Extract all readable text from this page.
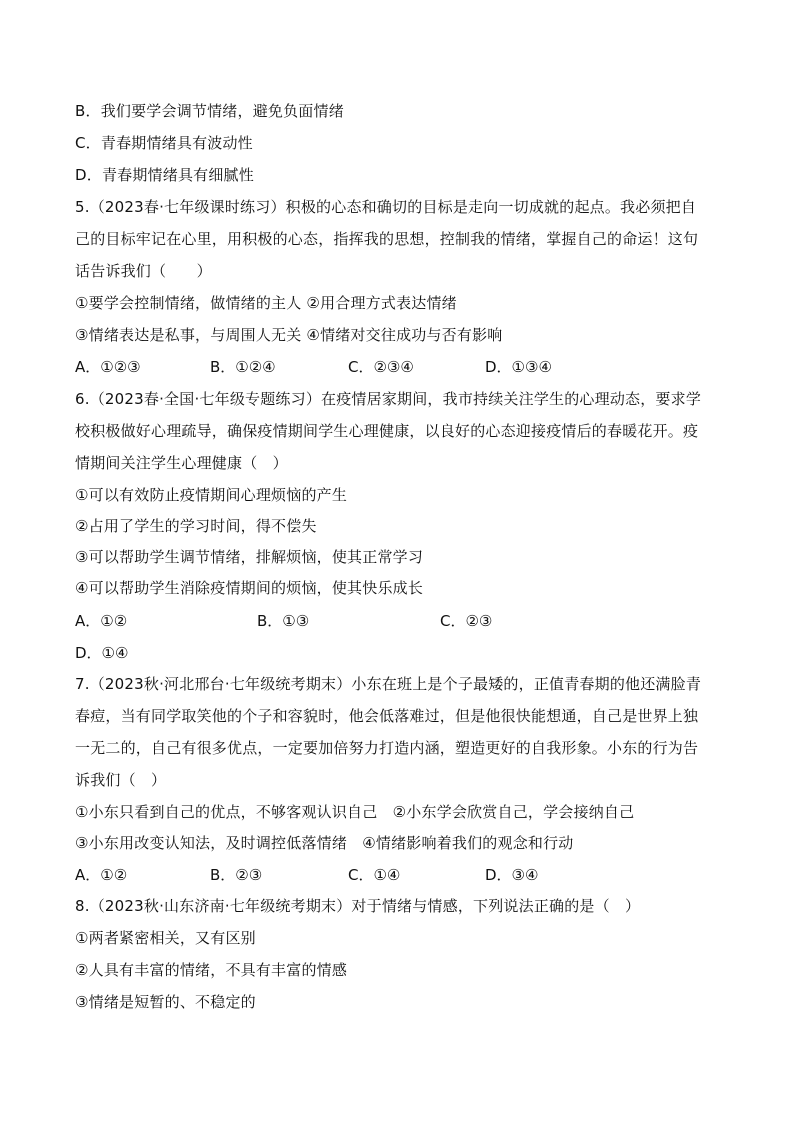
B．我们要学会调节情绪，避免负面情绪
C．青春期情绪具有波动性
D．青春期情绪具有细腻性
5.（2023春·七年级课时练习）积极的心态和确切的目标是走向一切成就的起点。我必须把自
己的目标牢记在心里，用积极的心态，指挥我的思想，控制我的情绪，掌握自己的命运！这句
话告诉我们（　　）
①要学会控制情绪，做情绪的主人 ②用合理方式表达情绪
③情绪表达是私事，与周围人无关 ④情绪对交往成功与否有影响
A．①②③	B．①②④	C．②③④	D．①③④
6.（2023春·全国·七年级专题练习）在疫情居家期间，我市持续关注学生的心理动态，要求学
校积极做好心理疏导，确保疫情期间学生心理健康，以良好的心态迎接疫情后的春暖花开。疫
情期间关注学生心理健康（　）
①可以有效防止疫情期间心理烦恼的产生
②占用了学生的学习时间，得不偿失
③可以帮助学生调节情绪，排解烦恼，使其正常学习
④可以帮助学生消除疫情期间的烦恼，使其快乐成长
A．①②	B．①③	C．②③
D．①④
7.（2023秋·河北邢台·七年级统考期末）小东在班上是个子最矮的，正值青春期的他还满脸青
春痘，当有同学取笑他的个子和容貌时，他会低落难过，但是他很快能想通，自己是世界上独
一无二的，自己有很多优点，一定要加倍努力打造内涵，塑造更好的自我形象。小东的行为告
诉我们（　）
①小东只看到自己的优点，不够客观认识自己　②小东学会欣赏自己，学会接纳自己
③小东用改变认知法，及时调控低落情绪　④情绪影响着我们的观念和行动
A．①②	B．②③	C．①④	D．③④
8.（2023秋·山东济南·七年级统考期末）对于情绪与情感，下列说法正确的是（　）
①两者紧密相关，又有区别
②人具有丰富的情绪，不具有丰富的情感
③情绪是短暂的、不稳定的
